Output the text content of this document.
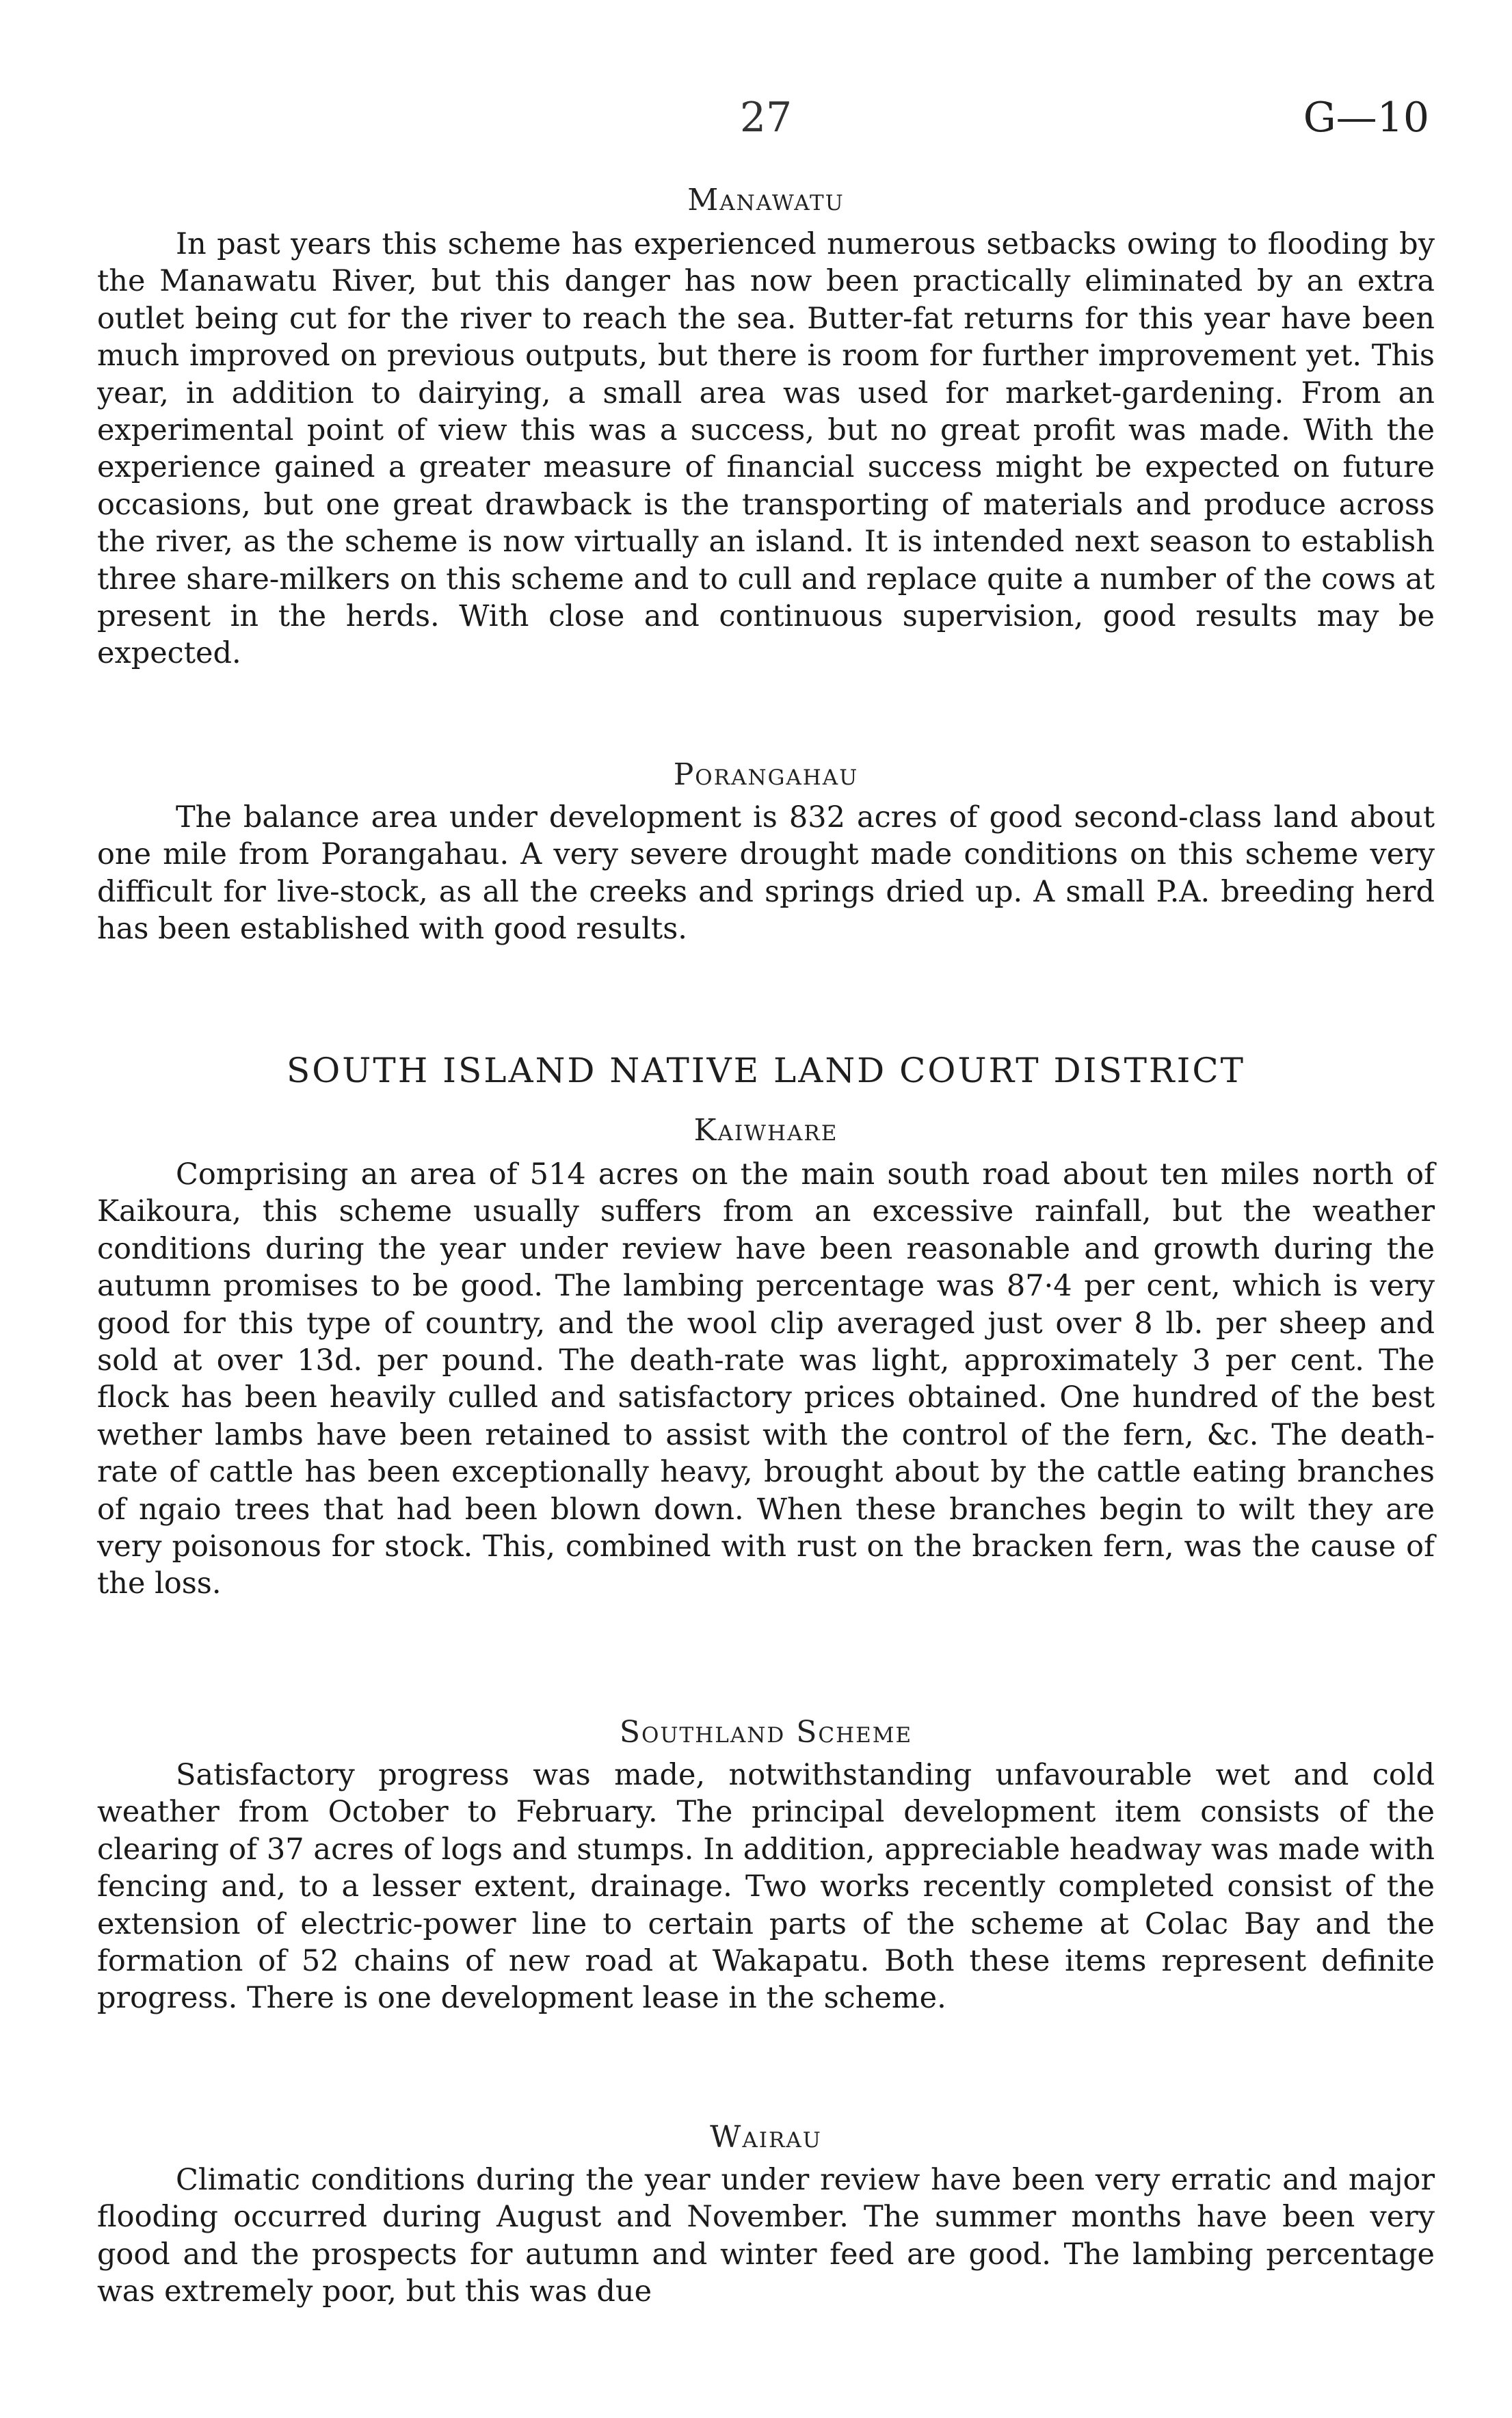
27	G—10
Manawatu

In past years this scheme has experienced numerous setbacks owing to flooding by the Manawatu River, but this danger has now been practically eliminated by an extra outlet being cut for the river to reach the sea. Butter-fat returns for this year have been much improved on previous outputs, but there is room for further improvement yet. This year, in addition to dairying, a small area was used for market-gardening. From an experimental point of view this was a success, but no great profit was made. With the experience gained a greater measure of financial success might be expected on future occasions, but one great drawback is the transporting of materials and produce across the river, as the scheme is now virtually an island. It is intended next season to establish three share-milkers on this scheme and to cull and replace quite a number of the cows at present in the herds. With close and continuous supervision, good results may be expected.

Porangahau

The balance area under development is 832 acres of good second-class land about one mile from Porangahau. A very severe drought made conditions on this scheme very difficult for live-stock, as all the creeks and springs dried up. A small P.A. breeding herd has been established with good results.

SOUTH ISLAND NATIVE LAND COURT DISTRICT
Kaiwhare

Comprising an area of 514 acres on the main south road about ten miles north of Kaikoura, this scheme usually suffers from an excessive rainfall, but the weather conditions during the year under review have been reasonable and growth during the autumn promises to be good. The lambing percentage was 87·4 per cent, which is very good for this type of country, and the wool clip averaged just over 8 lb. per sheep and sold at over 13d. per pound. The death-rate was light, approximately 3 per cent. The flock has been heavily culled and satisfactory prices obtained. One hundred of the best wether lambs have been retained to assist with the control of the fern, &c. The death-rate of cattle has been exceptionally heavy, brought about by the cattle eating branches of ngaio trees that had been blown down. When these branches begin to wilt they are very poisonous for stock. This, combined with rust on the bracken fern, was the cause of the loss.

Southland Scheme

Satisfactory progress was made, notwithstanding unfavourable wet and cold weather from October to February. The principal development item consists of the clearing of 37 acres of logs and stumps. In addition, appreciable headway was made with fencing and, to a lesser extent, drainage. Two works recently completed consist of the extension of electric-power line to certain parts of the scheme at Colac Bay and the formation of 52 chains of new road at Wakapatu. Both these items represent definite progress. There is one development lease in the scheme.

Wairau

Climatic conditions during the year under review have been very erratic and major flooding occurred during August and November. The summer months have been very good and the prospects for autumn and winter feed are good. The lambing percentage was extremely poor, but this was due
